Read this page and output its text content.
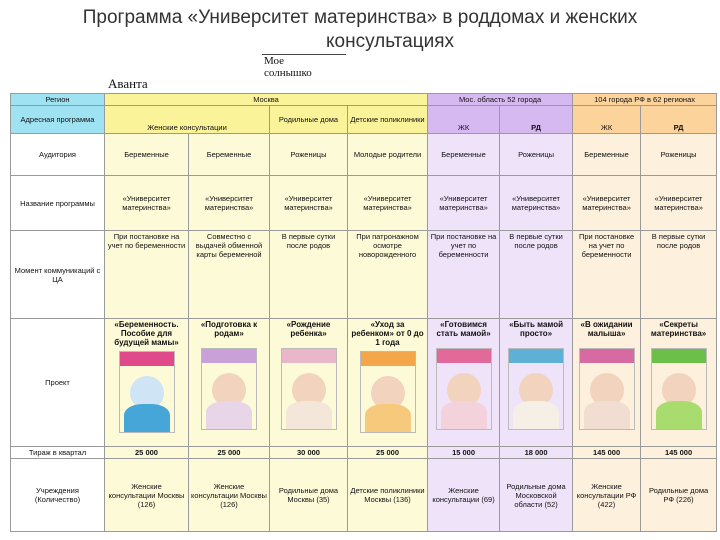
Программа «Университет материнства» в роддомах и женских
консультациях
Мое
солнышко
Аванта
Регион	Москва				Мос. область 52 города		104 города РФ в 62 регионах	
Адресная программа	Женские консультации		Родильные дома	Детские поликлиники	ЖК	РД	ЖК	РД
Аудитория	Беременные	Беременные	Роженицы	Молодые родители	Беременные	Роженицы	Беременные	Роженицы
Название программы	«Университет материнства»	«Университет материнства»	«Университет материнства»	«Университет материнства»	«Университет материнства»	«Университет материнства»	«Университет материнства»	«Университет материнства»
Момент коммуникаций с ЦА	При постановке на учет по беременности	Совместно с выдачей обменной карты беременной	В первые сутки после родов	При патронажном осмотре новорожденного	При постановке на учет по беременности	В первые сутки после родов	При постановке на учет по беременности	В первые сутки после родов
Проект	«Беременность. Пособие для будущей мамы»	«Подготовка к родам»	«Рождение ребенка»	«Уход за ребенком» от 0 до 1 года	«Готовимся стать мамой»	«Быть мамой просто»	«В ожидании малыша»	«Секреты материнства»

Тираж в квартал	25 000	25 000	30 000	25 000	15 000	18 000	145 000	145 000
Учреждения (Количество)	Женские консультации Москвы (126)	Женские консультации Москвы (126)	Родильные дома Москвы (35)	Детские поликлиники Москвы (136)	Женские консультации (69)	Родильные дома Московской области (52)	Женские консультации РФ (422)	Родильные дома РФ (226)
